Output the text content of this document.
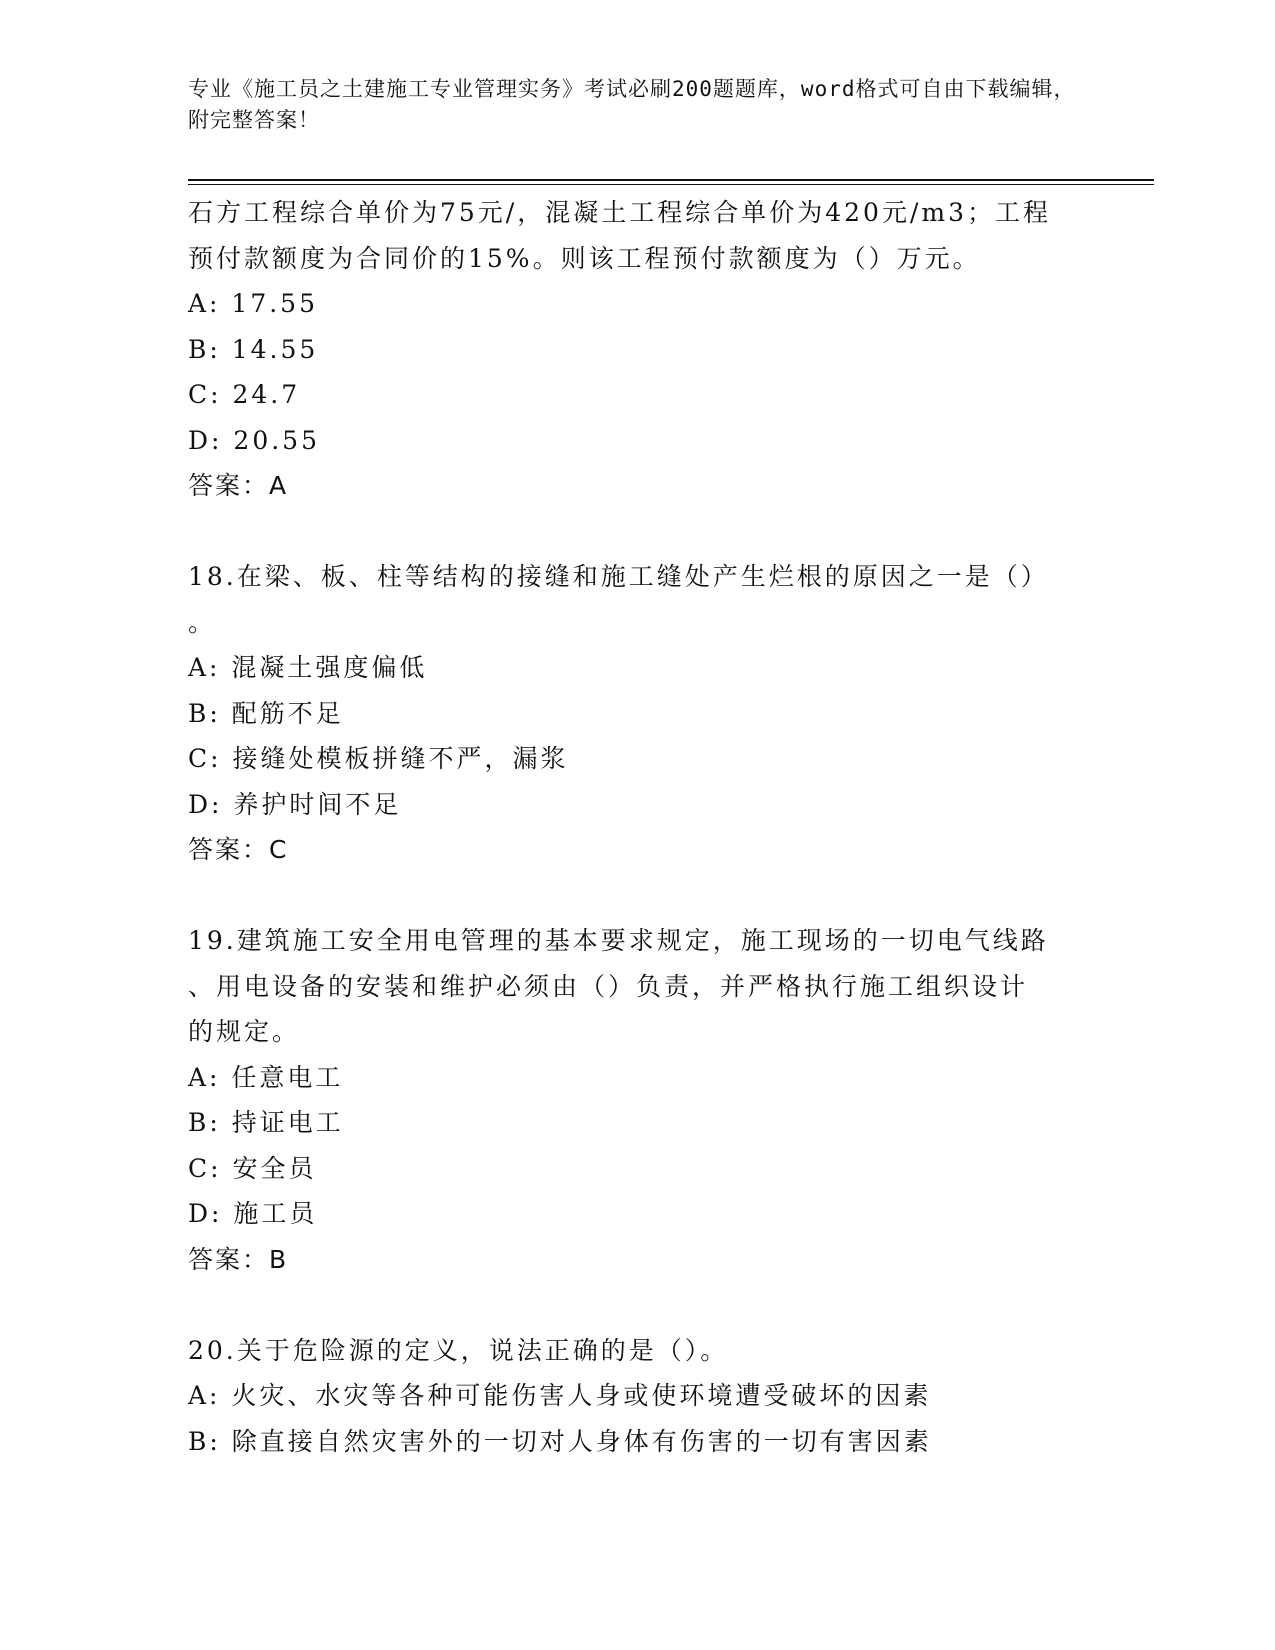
专业《施工员之土建施工专业管理实务》考试必刷200题题库，word格式可自由下载编辑，附完整答案！
石方工程综合单价为75元/，混凝土工程综合单价为420元/m3；工程
预付款额度为合同价的15%。则该工程预付款额度为（）万元。
A: 17.55
B: 14.55
C: 24.7
D: 20.55
答案：A
18.在梁、板、柱等结构的接缝和施工缝处产生烂根的原因之一是（）
。
A: 混凝土强度偏低
B: 配筋不足
C: 接缝处模板拼缝不严，漏浆
D: 养护时间不足
答案：C
19.建筑施工安全用电管理的基本要求规定，施工现场的一切电气线路
、用电设备的安装和维护必须由（）负责，并严格执行施工组织设计
的规定。
A: 任意电工
B: 持证电工
C: 安全员
D: 施工员
答案：B
20.关于危险源的定义，说法正确的是（）。
A: 火灾、水灾等各种可能伤害人身或使环境遭受破坏的因素
B: 除直接自然灾害外的一切对人身体有伤害的一切有害因素
